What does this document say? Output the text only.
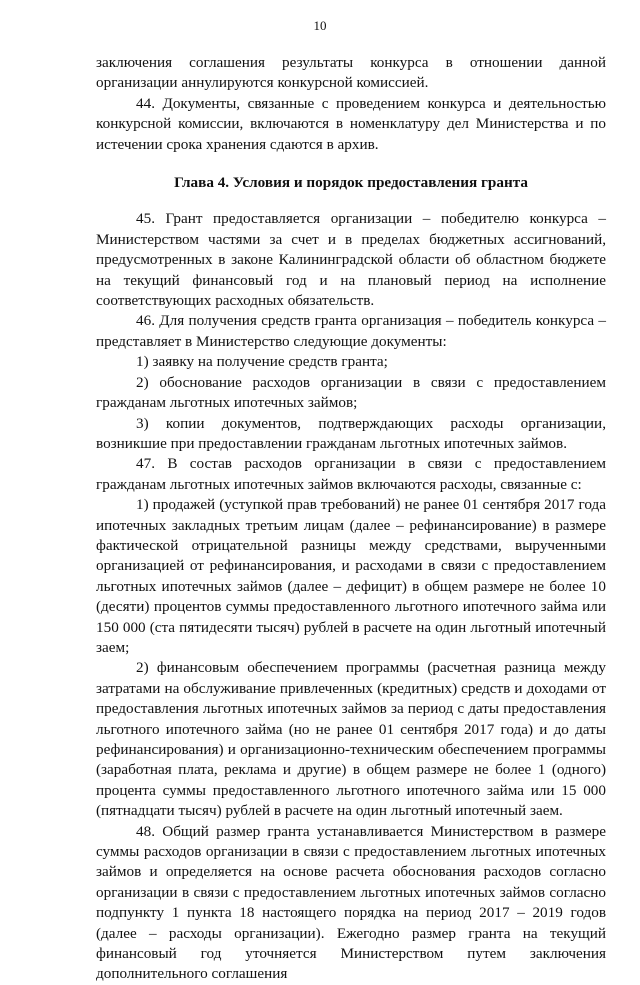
10

заключения соглашения результаты конкурса в отношении данной организации аннулируются конкурсной комиссией.

44. Документы, связанные с проведением конкурса и деятельностью конкурсной комиссии, включаются в номенклатуру дел Министерства и по истечении срока хранения сдаются в архив.

Глава 4. Условия и порядок предоставления гранта

45. Грант предоставляется организации – победителю конкурса – Министерством частями за счет и в пределах бюджетных ассигнований, предусмотренных в законе Калининградской области об областном бюджете на текущий финансовый год и на плановый период на исполнение соответствующих расходных обязательств.

46. Для получения средств гранта организация – победитель конкурса – представляет в Министерство следующие документы:

1) заявку на получение средств гранта;

2) обоснование расходов организации в связи с предоставлением гражданам льготных ипотечных займов;

3) копии документов, подтверждающих расходы организации, возникшие при предоставлении гражданам льготных ипотечных займов.

47. В состав расходов организации в связи с предоставлением гражданам льготных ипотечных займов включаются расходы, связанные с:

1) продажей (уступкой прав требований) не ранее 01 сентября 2017 года ипотечных закладных третьим лицам (далее – рефинансирование) в размере фактической отрицательной разницы между средствами, вырученными организацией от рефинансирования, и расходами в связи с предоставлением льготных ипотечных займов (далее – дефицит) в общем размере не более 10 (десяти) процентов суммы предоставленного льготного ипотечного займа или 150 000 (ста пятидесяти тысяч) рублей в расчете на один льготный ипотечный заем;

2) финансовым обеспечением программы (расчетная разница между затратами на обслуживание привлеченных (кредитных) средств и доходами от предоставления льготных ипотечных займов за период с даты предоставления льготного ипотечного займа (но не ранее 01 сентября 2017 года) и до даты рефинансирования) и организационно-техническим обеспечением программы (заработная плата, реклама и другие) в общем размере не более 1 (одного) процента суммы предоставленного льготного ипотечного займа или 15 000 (пятнадцати тысяч) рублей в расчете на один льготный ипотечный заем.

48. Общий размер гранта устанавливается Министерством в размере суммы расходов организации в связи с предоставлением льготных ипотечных займов и определяется на основе расчета обоснования расходов согласно организации в связи с предоставлением льготных ипотечных займов согласно подпункту 1 пункта 18 настоящего порядка на период 2017 – 2019 годов (далее – расходы организации). Ежегодно размер гранта на текущий финансовый год уточняется Министерством путем заключения дополнительного соглашения
